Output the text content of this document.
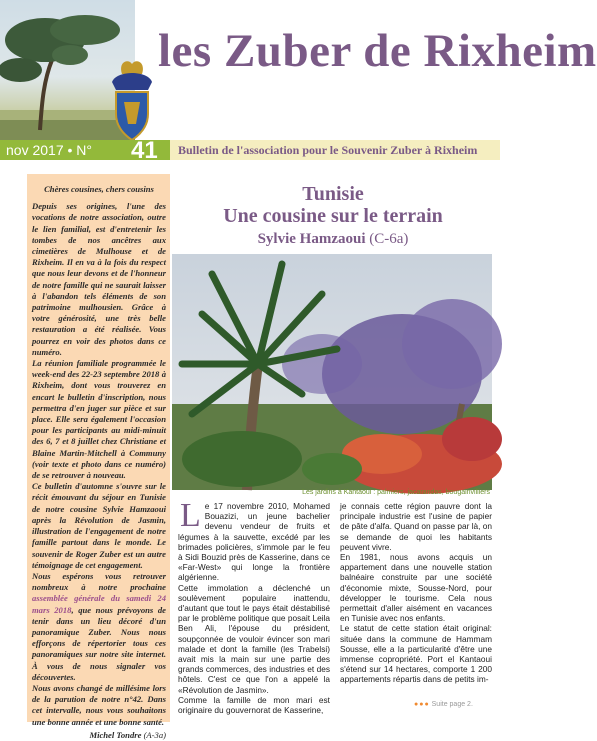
les Zuber de Rixheim
nov 2017 • N° 41 Bulletin de l'association pour le Souvenir Zuber à Rixheim

Chères cousines, chers cousins

Depuis ses origines, l'une des vocations de notre association, outre le lien familial, est d'entretenir les tombes de nos ancêtres aux cimetières de Mulhouse et de Rixheim. Il en va à la fois du respect que nous leur devons et de l'honneur de notre famille qui ne saurait laisser à l'abandon tels éléments de son patrimoine mulhousien. Grâce à votre générosité, une très belle restauration a été réalisée. Vous pourrez en voir des photos dans ce numéro.

La réunion familiale programmée le week-end des 22-23 septembre 2018 à Rixheim, dont vous trouverez en encart le bulletin d'inscription, nous permettra d'en juger sur pièce et sur place. Elle sera également l'occasion pour les participants au midi-minuit des 6, 7 et 8 juillet chez Christiane et Blaine Martin-Mitchell à Communy (voir texte et photo dans ce numéro) de se retrouver à nouveau.

Ce bulletin d'automne s'ouvre sur le récit émouvant du séjour en Tunisie de notre cousine Sylvie Hamzaoui après la Révolution de Jasmin, illustration de l'engagement de notre famille partout dans le monde. Le souvenir de Roger Zuber est un autre témoignage de cet engagement.

Nous espérons vous retrouver nombreux à notre prochaine assemblée générale du samedi 24 mars 2018, que nous prévoyons de tenir dans un lieu décoré d'un panoramique Zuber. Nous nous efforçons de répertorier tous ces panoramiques sur notre site internet. À vous de nous signaler vos découvertes.

Nous avons changé de millésime lors de la parution de notre n°42. Dans cet intervalle, nous vous souhaitons une bonne année et une bonne santé.

Michel Tondre (A-3a)

Tunisie
Une cousine sur le terrain
Sylvie Hamzaoui (C-6a)
Les jardins à Kantaoui : palmiers, jacarandas, bougainvilliers

Le 17 novembre 2010, Mohamed Bouazizi, un jeune bachelier devenu vendeur de fruits et légumes à la sauvette, excédé par les brimades policières, s'immole par le feu à Sidi Bouzid près de Kasserine, dans ce «Far-West» qui longe la frontière algérienne.

Cette immolation a déclenché un soulèvement populaire inattendu, d'autant que tout le pays était déstabilisé par le problème politique que posait Leila Ben Ali, l'épouse du président, soupçonnée de vouloir évincer son mari malade et dont la famille (les Trabelsi) avait mis la main sur une partie des grands commerces, des industries et des hôtels. C'est ce que l'on a appelé la «Révolution de Jasmin».

Comme la famille de mon mari est originaire du gouvernorat de Kasserine,

je connais cette région pauvre dont la principale industrie est l'usine de papier de pâte d'alfa. Quand on passe par là, on se demande de quoi les habitants peuvent vivre.

En 1981, nous avons acquis un appartement dans une nouvelle station balnéaire construite par une société d'économie mixte, Sousse-Nord, pour développer le tourisme. Cela nous permettait d'aller aisément en vacances en Tunisie avec nos enfants.

Le statut de cette station était original: située dans la commune de Hammam Sousse, elle a la particularité d'être une immense copropriété. Port el Kantaoui s'étend sur 14 hectares, comporte 1 200 appartements répartis dans de petits im-

●●● Suite page 2.
